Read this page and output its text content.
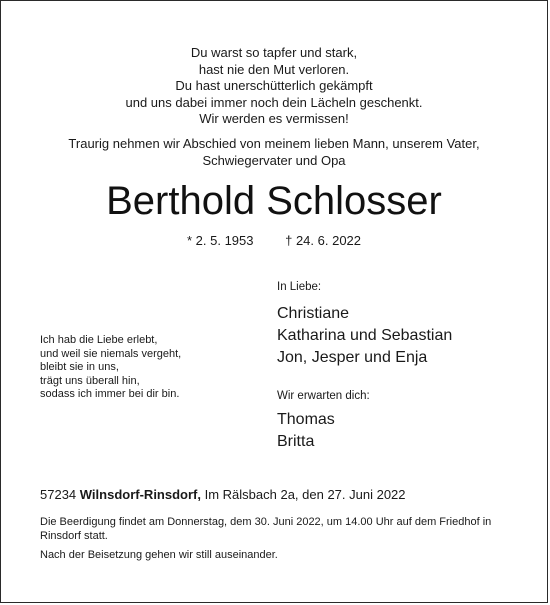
Du warst so tapfer und stark,
hast nie den Mut verloren.
Du hast unerschütterlich gekämpft
und uns dabei immer noch dein Lächeln geschenkt.
Wir werden es vermissen!
Traurig nehmen wir Abschied von meinem lieben Mann, unserem Vater,
Schwiegervater und Opa
Berthold Schlosser
* 2. 5. 1953 † 24. 6. 2022
Ich hab die Liebe erlebt,
und weil sie niemals vergeht,
bleibt sie in uns,
trägt uns überall hin,
sodass ich immer bei dir bin.
In Liebe:
Christiane
Katharina und Sebastian
Jon, Jesper und Enja
Wir erwarten dich:
Thomas
Britta
57234 Wilnsdorf-Rinsdorf, Im Rälsbach 2a, den 27. Juni 2022
Die Beerdigung findet am Donnerstag, dem 30. Juni 2022, um 14.00 Uhr auf dem Friedhof in Rinsdorf statt.
Nach der Beisetzung gehen wir still auseinander.
